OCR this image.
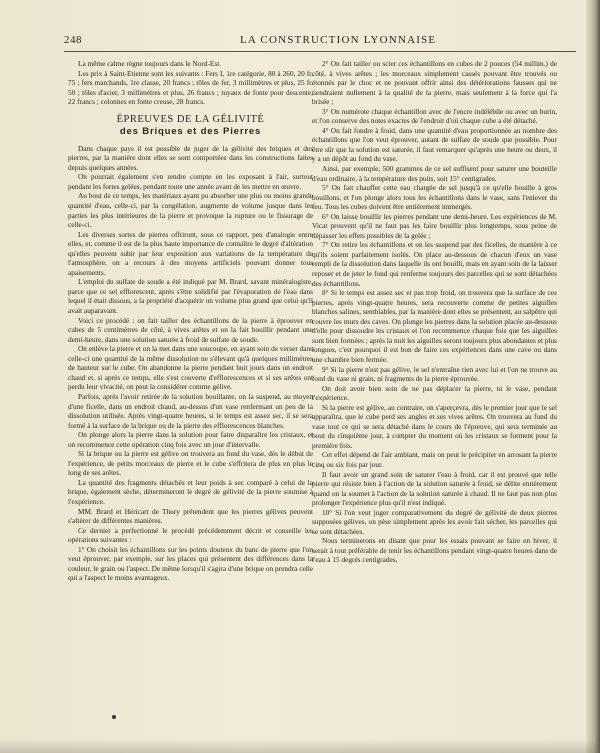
248	LA CONSTRUCTION LYONNAISE

La même calme règne toujours dans le Nord-Est.

Les prix à Saint-Etienne sont les suivants : Fers I, 1re catégorie, 80 à 260, 20 fr. 75 ; fers marchands, 1re classe, 20 francs ; tôles de fer, 3 millimètres et plus, 25 fr. 50 ; tôles d'acier, 3 millimètres et plus, 26 francs ; tuyaux de fonte pour descente, 22 francs ; colonnes en fonte creuse, 28 francs.

ÉPREUVES DE LA GÉLIVITÉ
des Briques et des Pierres

Dans chaque pays il est possible de juger de la gélivité des briques et des pierres, par la manière dont elles se sont comportées dans les constructions faites depuis quelques années.

On pourrait également s'en rendre compte en les exposant à l'air, surtout pendant les fortes gelées, pendant toute une année avant de les mettre en œuvre.

Au bout de ce temps, les matériaux ayant pu absorber une plus ou moins grande quantité d'eau, celle-ci, par la congélation, augmente de volume jusque dans les parties les plus intérieures de la pierre et provoque la rupture ou le fissurage de celle-ci.

Les diverses sortes de pierres offriront, sous ce rapport, peu d'analogie entre elles, et, comme il est de la plus haute importance de connaître le degré d'altération qu'elles peuvent subir par leur exposition aux variations de la température de l'atmosphère, on a recours à des moyens artificiels pouvant donner tous apaisements.

L'emploi du sulfate de soude a été indiqué par M. Brard, savant minéralogiste, parce que ce sel efflorescent, après s'être solidifié par l'évaporation de l'eau dans lequel il était dissous, a la propriété d'acquérir un volume plus grand que celui qu'il avait auparavant.

Voici ce procédé : on fait tailler des échantillons de la pierre à éprouver en cubes de 5 centimètres de côté, à vives arêtes et on la fait bouillir pendant une demi-heure, dans une solution saturée à froid de sulfate de soude.

On enlève la pierre et on la met dans une soucoupe, en ayant soin de verser dans celle-ci une quantité de la même dissolution ne s'élevant qu'à quelques millimètres de hauteur sur le cube. On abandonne la pierre pendant huit jours dans un endroit chaud et, si après ce temps, elle s'est couverte d'efflorescences et si ses arêtes ont perdu leur vivacité, on peut la considérer comme gélive.

Parfois, après l'avoir retirée de la solution bouillante, on la suspend, au moyen d'une ficelle, dans un endroit chaud, au-dessus d'un vase renfermant un peu de la dissolution utilisée. Après vingt-quatre heures, si le temps est assez sec, il se sera formé à la surface de la brique ou de la pierre des efflorescences blanches.

On plonge alors la pierre dans la solution pour faire disparaître les cristaux, et on recommence cette opération cinq fois avec un jour d'intervalle.

Si la brique ou la pierre est gélive on trouvera au fond du vase, dès le début de l'expérience, de petits morceaux de pierre et le cube s'effritera de plus en plus le long de ses arêtes.

La quantité des fragments détachés et leur poids à sec comparé à celui de la brique, également sèche, détermineront le degré de gélivité de la pierre soumise à l'expérience.

MM. Brard et Héricart de Thury prétendent que les pierres gélives peuvent s'altérer de différentes manières.

Ce dernier a perfectionné le procédé précédemment décrit et conseille les opérations suivantes :

1° On choisit les échantillons sur les points douteux du banc de pierre que l'on veut éprouver, par exemple, sur les places qui présentent des différences dans la couleur, le grain ou l'aspect. De même lorsqu'il s'agira d'une brique on prendra celle qui a l'aspect le moins avantageux.

2° On fait tailler ou scier ces échantillons en cubes de 2 pouces (54 millim.) de côté, à vives arêtes ; les morceaux simplement cassés pouvant être trouvés ou étonnés par le choc et ne pouvant offrir ainsi des détériorations fausses qui ne tiendraient nullement à la qualité de la pierre, mais seulement à la force qui l'a brisée ;

3° On numérote chaque échantillon avec de l'encre indélébile ou avec un burin, et l'on conserve des notes exactes de l'endroit d'où chaque cube a été détaché.

4° On fait fondre à froid, dans une quantité d'eau proportionnée au nombre des échantillons que l'on veut éprouver, autant de sulfate de soude que possible. Pour être sûr que la solution est saturée, il faut remarquer qu'après une heure ou deux, il y a un dépôt au fond du vase.

Ainsi, par exemple, 500 grammes de ce sel suffisent pour saturer une bouteille d'eau ordinaire, à la température des puits, soit 15° centigrades.

5° On fait chauffer cette eau chargée de sel jusqu'à ce qu'elle bouille à gros bouillons, et l'on plonge alors tous les échantillons dans le vase, sans l'enlever du feu. Tous les cubes doivent être entièrement immergés.

6° On laisse bouillir les pierres pendant une demi-heure. Les expériences de M. Vicat prouvent qu'il ne faut pas les faire bouillir plus longtemps, sous peine de dépasser les effets possibles de la gelée ;

7° On retire les échantillons et on les suspend par des ficelles, de manière à ce qu'ils soient parfaitement isolés. On place au-dessous de chacun d'eux un vase rempli de la dissolution dans laquelle ils ont bouilli, mais en ayant soin de la laisser reposer et de jeter le fond qui renferme toujours des parcelles qui se sont détachées des échantillons.

8° Si le temps est assez sec et pas trop froid, on trouvera que la surface de ces pierres, après vingt-quatre heures, sera recouverte comme de petites aiguilles blanches salines, semblables, par la manière dont elles se présentent, au salpêtre qui couvre les murs des caves. On plonge les pierres dans la solution placée au-dessous d'elle pour dissoudre les cristaux et l'on recommence chaque fois que les aiguilles sont bien formées ; après la nuit les aiguilles seront toujours plus abondantes et plus longues, c'est pourquoi il est bon de faire ces expériences dans une cave ou dans une chambre bien fermée.

9° Si la pierre n'est pas gélive, le sel n'entraîne rien avec lui et l'on ne trouve au fond du vase ni grain, ni fragments de la pierre éprouvée.

On doit avoir bien soin de ne pas déplacer la pierre, ni le vase, pendant l'expérience.

Si la pierre est gélive, au contraire, on s'aperçevra, dès le premier jour que le sel apparaîtra, que le cube perd ses angles et ses vives arêtes. On trouvera au fond du vase tout ce qui se sera détaché dans le cours de l'épreuve, qui sera terminée au bout du cinquième jour, à compter du moment où les cristaux se forment pour la première fois.

Cet effet dépend de l'air ambiant, mais on peut le précipiter en arrosant la pierre cinq ou six fois par jour.

Il faut avoir un grand soin de saturer l'eau à froid, car il est prouvé que telle pierre qui résiste bien à l'action de la solution saturée à froid, se délite entièrement quand on la soumet à l'action de la solution saturée à chaud. Il ne faut pas non plus prolonger l'expérience plus qu'il n'est indiqué.

10° Si l'on veut juger comparativement du degré de gélivité de deux pierres supposées gélives, on pèse simplement après les avoir fait sécher, les parcelles qui se sont détachées.

Nous terminerons en disant que pour les essais pouvant se faire en hiver, il serait à tout préférable de tenir les échantillons pendant vingt-quatre heures dans de l'eau à 15 degrés centigrades,
